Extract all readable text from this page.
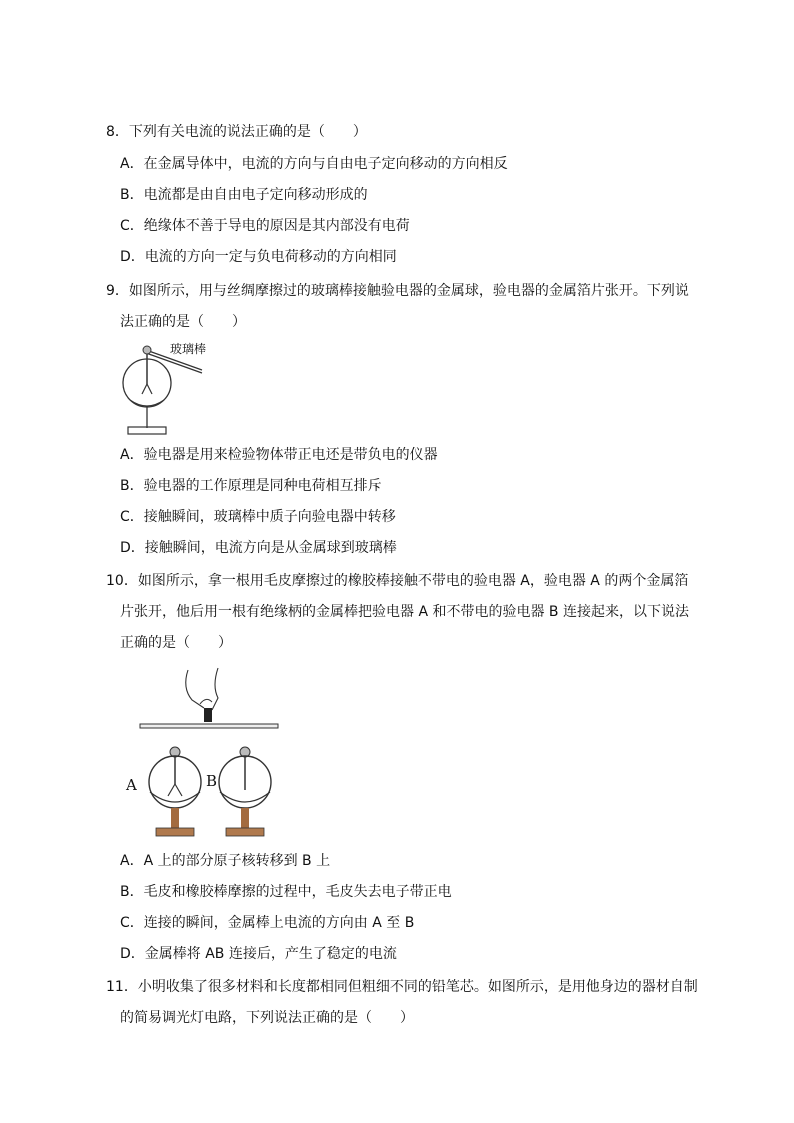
8．下列有关电流的说法正确的是（　　）
A．在金属导体中，电流的方向与自由电子定向移动的方向相反
B．电流都是由自由电子定向移动形成的
C．绝缘体不善于导电的原因是其内部没有电荷
D．电流的方向一定与负电荷移动的方向相同
9．如图所示，用与丝绸摩擦过的玻璃棒接触验电器的金属球，验电器的金属箔片张开。下列说
法正确的是（　　）
玻璃棒
A．验电器是用来检验物体带正电还是带负电的仪器
B．验电器的工作原理是同种电荷相互排斥
C．接触瞬间，玻璃棒中质子向验电器中转移
D．接触瞬间，电流方向是从金属球到玻璃棒
10．如图所示，拿一根用毛皮摩擦过的橡胶棒接触不带电的验电器 A，验电器 A 的两个金属箔
片张开，他后用一根有绝缘柄的金属棒把验电器 A 和不带电的验电器 B 连接起来，以下说法
正确的是（　　）
A	B
A．A 上的部分原子核转移到 B 上
B．毛皮和橡胶棒摩擦的过程中，毛皮失去电子带正电
C．连接的瞬间，金属棒上电流的方向由 A 至 B
D．金属棒将 AB 连接后，产生了稳定的电流
11．小明收集了很多材料和长度都相同但粗细不同的铅笔芯。如图所示，是用他身边的器材自制
的简易调光灯电路，下列说法正确的是（　　）
